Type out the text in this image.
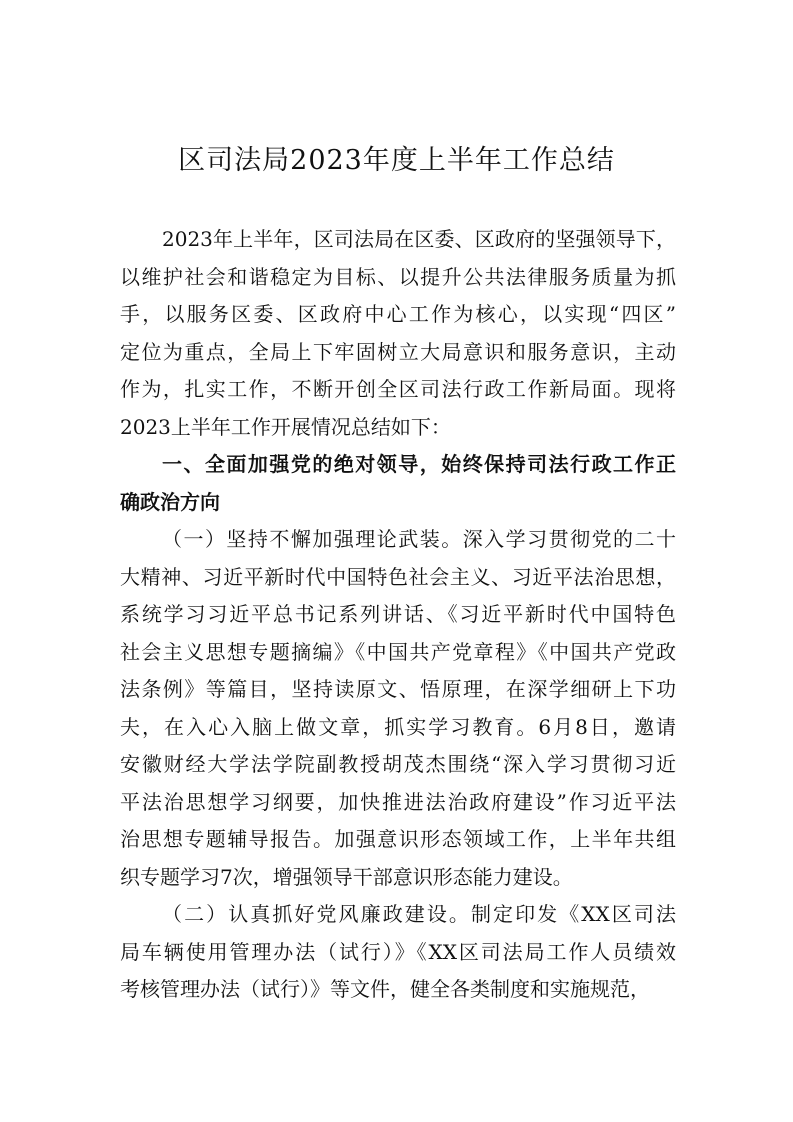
区司法局2023年度上半年工作总结
2023年上半年，区司法局在区委、区政府的坚强领导下，
以维护社会和谐稳定为目标、以提升公共法律服务质量为抓
手，以服务区委、区政府中心工作为核心，以实现“四区”
定位为重点，全局上下牢固树立大局意识和服务意识，主动
作为，扎实工作，不断开创全区司法行政工作新局面。现将
2023上半年工作开展情况总结如下：
一、全面加强党的绝对领导，始终保持司法行政工作正
确政治方向
（一）坚持不懈加强理论武装。深入学习贯彻党的二十
大精神、习近平新时代中国特色社会主义、习近平法治思想，
系统学习习近平总书记系列讲话、《习近平新时代中国特色
社会主义思想专题摘编》《中国共产党章程》《中国共产党政
法条例》等篇目，坚持读原文、悟原理，在深学细研上下功
夫，在入心入脑上做文章，抓实学习教育。6月8日，邀请
安徽财经大学法学院副教授胡茂杰围绕“深入学习贯彻习近
平法治思想学习纲要，加快推进法治政府建设”作习近平法
治思想专题辅导报告。加强意识形态领域工作，上半年共组
织专题学习7次，增强领导干部意识形态能力建设。
（二）认真抓好党风廉政建设。制定印发《XX区司法
局车辆使用管理办法（试行）》《XX区司法局工作人员绩效
考核管理办法（试行）》等文件，健全各类制度和实施规范，
